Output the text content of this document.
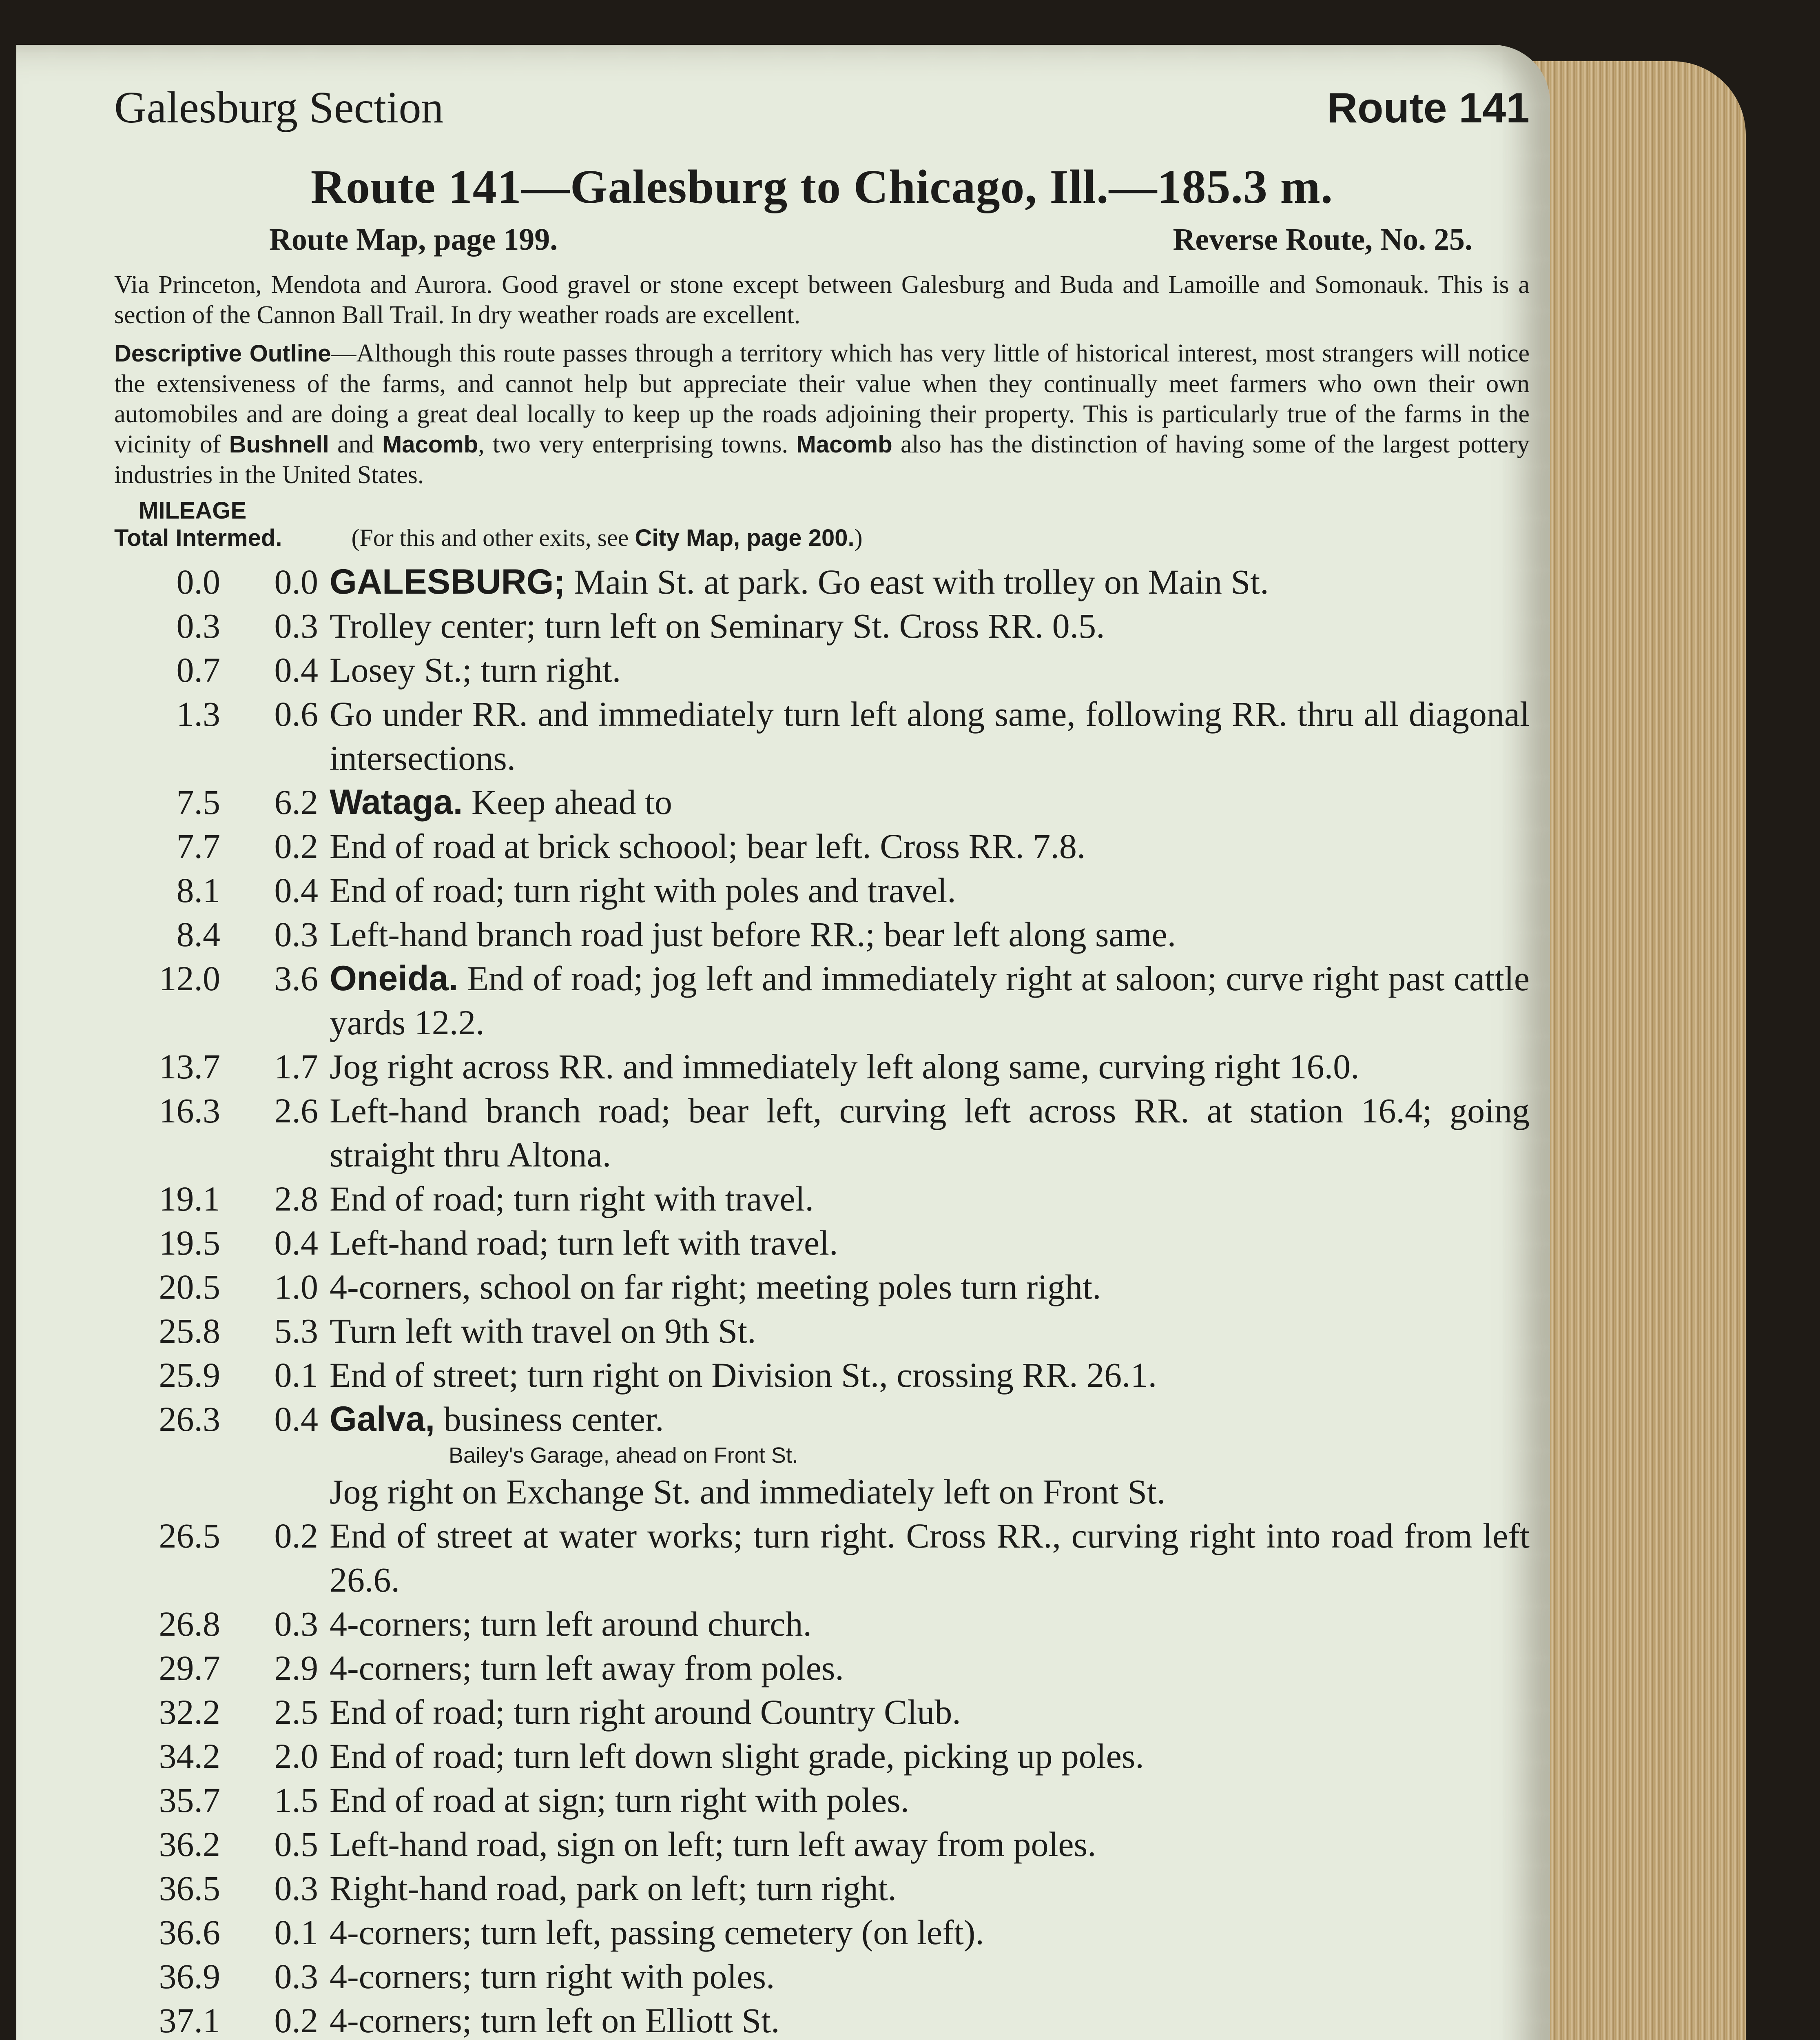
Galesburg Section	Route 141
Route 141—Galesburg to Chicago, Ill.—185.3 m.
Route Map, page 199.	Reverse Route, No. 25.
Via Princeton, Mendota and Aurora. Good gravel or stone except between Galesburg and Buda and Lamoille and Somonauk. This is a section of the Cannon Ball Trail. In dry weather roads are excellent.
Descriptive Outline—Although this route passes through a territory which has very little of historical interest, most strangers will notice the extensiveness of the farms, and cannot help but appreciate their value when they continually meet farmers who own their own automobiles and are doing a great deal locally to keep up the roads adjoining their property. This is particularly true of the farms in the vicinity of Bushnell and Macomb, two very enterprising towns. Macomb also has the distinction of having some of the largest pottery industries in the United States.
MILEAGE
Total
Intermed.	(For this and other exits, see City Map, page 200.)
0.0	0.0 GALESBURG; Main St. at park. Go east with trolley on Main St.
0.3	0.3 Trolley center; turn left on Seminary St. Cross RR. 0.5.
0.7	0.4 Losey St.; turn right.
1.3	0.6 Go under RR. and immediately turn left along same, following RR. thru all diagonal intersections.
7.5	6.2 Wataga. Keep ahead to
7.7	0.2 End of road at brick schoool; bear left. Cross RR. 7.8.
8.1	0.4 End of road; turn right with poles and travel.
8.4	0.3 Left-hand branch road just before RR.; bear left along same.
12.0	3.6 Oneida. End of road; jog left and immediately right at saloon; curve right past cattle yards 12.2.
13.7	1.7 Jog right across RR. and immediately left along same, curving right 16.0.
16.3	2.6 Left-hand branch road; bear left, curving left across RR. at station 16.4; going straight thru Altona.
19.1	2.8 End of road; turn right with travel.
19.5	0.4 Left-hand road; turn left with travel.
20.5	1.0 4-corners, school on far right; meeting poles turn right.
25.8	5.3 Turn left with travel on 9th St.
25.9	0.1 End of street; turn right on Division St., crossing RR. 26.1.
26.3	0.4 Galva, business center.
Bailey's Garage, ahead on Front St.
Jog right on Exchange St. and immediately left on Front St.
26.5	0.2 End of street at water works; turn right. Cross RR., curving right into road from left 26.6.
26.8	0.3 4-corners; turn left around church.
29.7	2.9 4-corners; turn left away from poles.
32.2	2.5 End of road; turn right around Country Club.
34.2	2.0 End of road; turn left down slight grade, picking up poles.
35.7	1.5 End of road at sign; turn right with poles.
36.2	0.5 Left-hand road, sign on left; turn left away from poles.
36.5	0.3 Right-hand road, park on left; turn right.
36.6	0.1 4-corners; turn left, passing cemetery (on left).
36.9	0.3 4-corners; turn right with poles.
37.1	0.2 4-corners; turn left on Elliott St.
